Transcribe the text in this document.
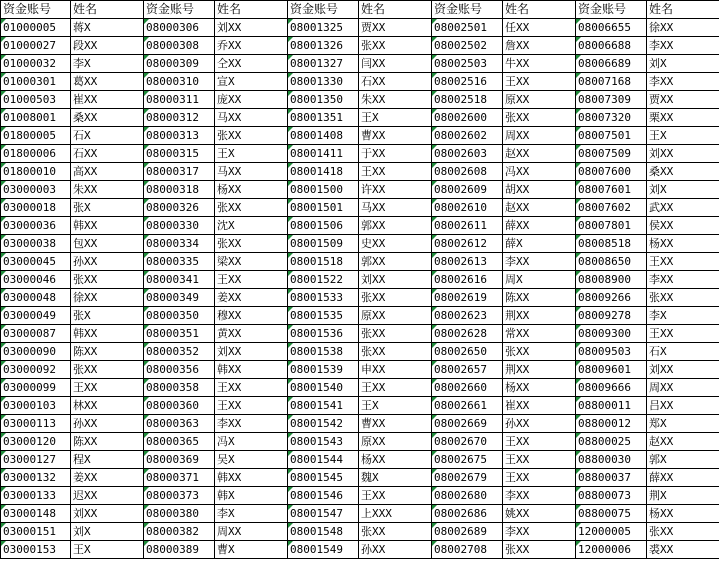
资金账号	姓名	资金账号	姓名	资金账号	姓名	资金账号	姓名	资金账号	姓名
01000005	蒋X	08000306	刘XX	08001325	贾XX	08002501	任XX	08006655	徐XX
01000027	段XX	08000308	乔XX	08001326	张XX	08002502	詹XX	08006688	李XX
01000032	李X	08000309	仝XX	08001327	闫XX	08002503	牛XX	08006689	刘X
01000301	葛XX	08000310	宣X	08001330	石XX	08002516	王XX	08007168	李XX
01000503	崔XX	08000311	庞XX	08001350	朱XX	08002518	原XX	08007309	贾XX
01008001	桑XX	08000312	马XX	08001351	王X	08002600	张XX	08007320	栗XX
01800005	石X	08000313	张XX	08001408	曹XX	08002602	周XX	08007501	王X
01800006	石XX	08000315	王X	08001411	于XX	08002603	赵XX	08007509	刘XX
01800010	高XX	08000317	马XX	08001418	王XX	08002608	冯XX	08007600	桑XX
03000003	朱XX	08000318	杨XX	08001500	许XX	08002609	胡XX	08007601	刘X
03000018	张X	08000326	张XX	08001501	马XX	08002610	赵XX	08007602	武XX
03000036	韩XX	08000330	沈X	08001506	郭XX	08002611	薛XX	08007801	侯XX
03000038	包XX	08000334	张XX	08001509	史XX	08002612	薛X	08008518	杨XX
03000045	孙XX	08000335	梁XX	08001518	郭XX	08002613	李XX	08008650	王XX
03000046	张XX	08000341	王XX	08001522	刘XX	08002616	周X	08008900	李XX
03000048	徐XX	08000349	姜XX	08001533	张XX	08002619	陈XX	08009266	张XX
03000049	张X	08000350	穆XX	08001535	原XX	08002623	荆XX	08009278	李X
03000087	韩XX	08000351	黄XX	08001536	张XX	08002628	常XX	08009300	王XX
03000090	陈XX	08000352	刘XX	08001538	张XX	08002650	张XX	08009503	石X
03000092	张XX	08000356	韩XX	08001539	申XX	08002657	荆XX	08009601	刘XX
03000099	王XX	08000358	王XX	08001540	王XX	08002660	杨XX	08009666	周XX
03000103	林XX	08000360	王XX	08001541	王X	08002661	崔XX	08800011	吕XX
03000113	孙XX	08000363	李XX	08001542	曹XX	08002669	孙XX	08800012	郑X
03000120	陈XX	08000365	冯X	08001543	原XX	08002670	王XX	08800025	赵XX
03000127	程X	08000369	吴X	08001544	杨XX	08002675	王XX	08800030	郭X
03000132	姜XX	08000371	韩XX	08001545	魏X	08002679	王XX	08800037	薛XX
03000133	迟XX	08000373	韩X	08001546	王XX	08002680	李XX	08800073	荆X
03000148	刘XX	08000380	李X	08001547	上XXX	08002686	姚XX	08800075	杨XX
03000151	刘X	08000382	周XX	08001548	张XX	08002689	李XX	12000005	张XX
03000153	王X	08000389	曹X	08001549	孙XX	08002708	张XX	12000006	裘XX
